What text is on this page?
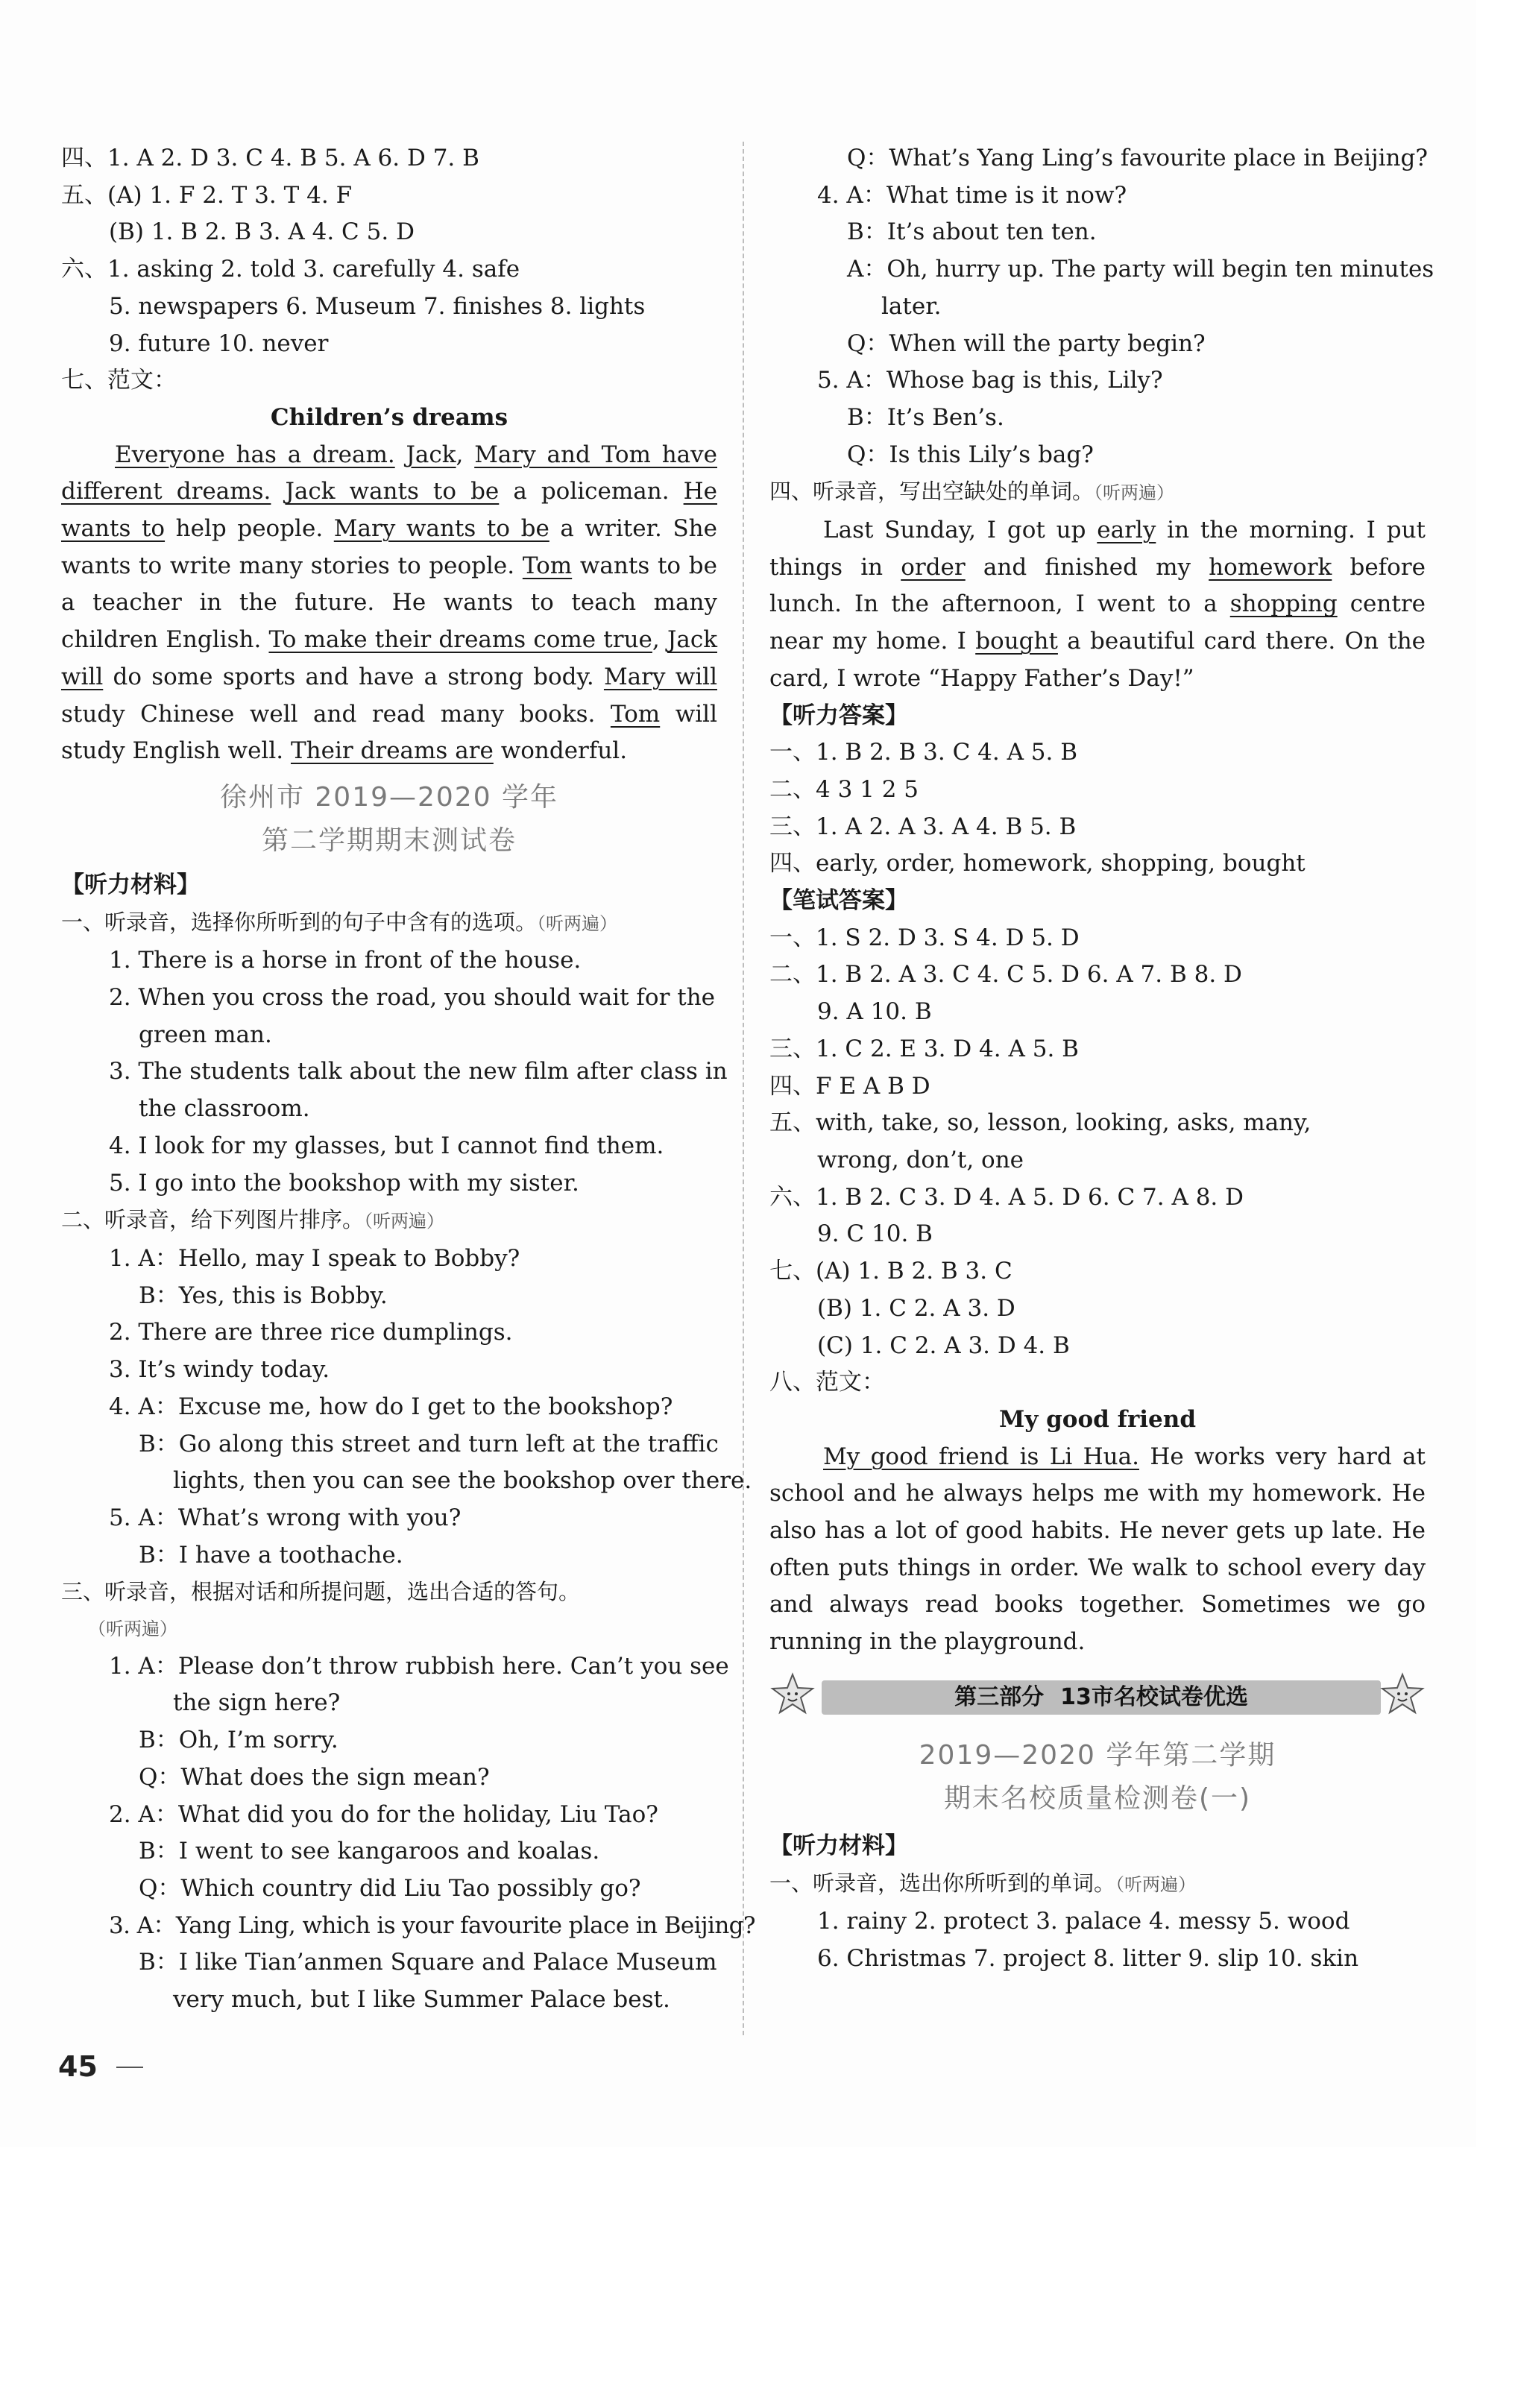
四、1. A 2. D 3. C 4. B 5. A 6. D 7. B
五、(A) 1. F 2. T 3. T 4. F
(B) 1. B 2. B 3. A 4. C 5. D
六、1. asking 2. told 3. carefully 4. safe
5. newspapers 6. Museum 7. finishes 8. lights
9. future 10. never
七、范文：
Children’s dreams

Everyone has a dream. Jack, Mary and Tom have different dreams. Jack wants to be a policeman. He wants to help people. Mary wants to be a writer. She wants to write many stories to people. Tom wants to be a teacher in the future. He wants to teach many children English. To make their dreams come true, Jack will do some sports and have a strong body. Mary will study Chinese well and read many books. Tom will study English well. Their dreams are wonderful.

徐州市 2019—2020 学年
第二学期期末测试卷
【听力材料】
一、听录音，选择你所听到的句子中含有的选项。（听两遍）
1. There is a horse in front of the house.
2. When you cross the road, you should wait for the
green man.
3. The students talk about the new film after class in
the classroom.
4. I look for my glasses, but I cannot find them.
5. I go into the bookshop with my sister.
二、听录音，给下列图片排序。（听两遍）
1. A：Hello, may I speak to Bobby?
B：Yes, this is Bobby.
2. There are three rice dumplings.
3. It’s windy today.
4. A：Excuse me, how do I get to the bookshop?
B：Go along this street and turn left at the traffic
lights, then you can see the bookshop over there.
5. A：What’s wrong with you?
B：I have a toothache.
三、听录音，根据对话和所提问题，选出合适的答句。
（听两遍）
1. A：Please don’t throw rubbish here. Can’t you see
the sign here?
B：Oh, I’m sorry.
Q：What does the sign mean?
2. A：What did you do for the holiday, Liu Tao?
B：I went to see kangaroos and koalas.
Q：Which country did Liu Tao possibly go?
3. A：Yang Ling, which is your favourite place in Beijing?
B：I like Tian’anmen Square and Palace Museum
very much, but I like Summer Palace best.
Q：What’s Yang Ling’s favourite place in Beijing?
4. A：What time is it now?
B：It’s about ten ten.
A：Oh, hurry up. The party will begin ten minutes
later.
Q：When will the party begin?
5. A：Whose bag is this, Lily?
B：It’s Ben’s.
Q：Is this Lily’s bag?
四、听录音，写出空缺处的单词。（听两遍）

Last Sunday, I got up early in the morning. I put things in order and finished my homework before lunch. In the afternoon, I went to a shopping centre near my home. I bought a beautiful card there. On the card, I wrote “Happy Father’s Day!”

【听力答案】
一、1. B 2. B 3. C 4. A 5. B
二、4 3 1 2 5
三、1. A 2. A 3. A 4. B 5. B
四、early, order, homework, shopping, bought
【笔试答案】
一、1. S 2. D 3. S 4. D 5. D
二、1. B 2. A 3. C 4. C 5. D 6. A 7. B 8. D
9. A 10. B
三、1. C 2. E 3. D 4. A 5. B
四、F E A B D
五、with, take, so, lesson, looking, asks, many,
wrong, don’t, one
六、1. B 2. C 3. D 4. A 5. D 6. C 7. A 8. D
9. C 10. B
七、(A) 1. B 2. B 3. C
(B) 1. C 2. A 3. D
(C) 1. C 2. A 3. D 4. B
八、范文：
My good friend

My good friend is Li Hua. He works very hard at school and he always helps me with my homework. He also has a lot of good habits. He never gets up late. He often puts things in order. We walk to school every day and always read books together. Sometimes we go running in the playground.

第三部分 13市名校试卷优选
2019—2020 学年第二学期
期末名校质量检测卷(一)
【听力材料】
一、听录音，选出你所听到的单词。（听两遍）
1. rainy 2. protect 3. palace 4. messy 5. wood
6. Christmas 7. project 8. litter 9. slip 10. skin
45
